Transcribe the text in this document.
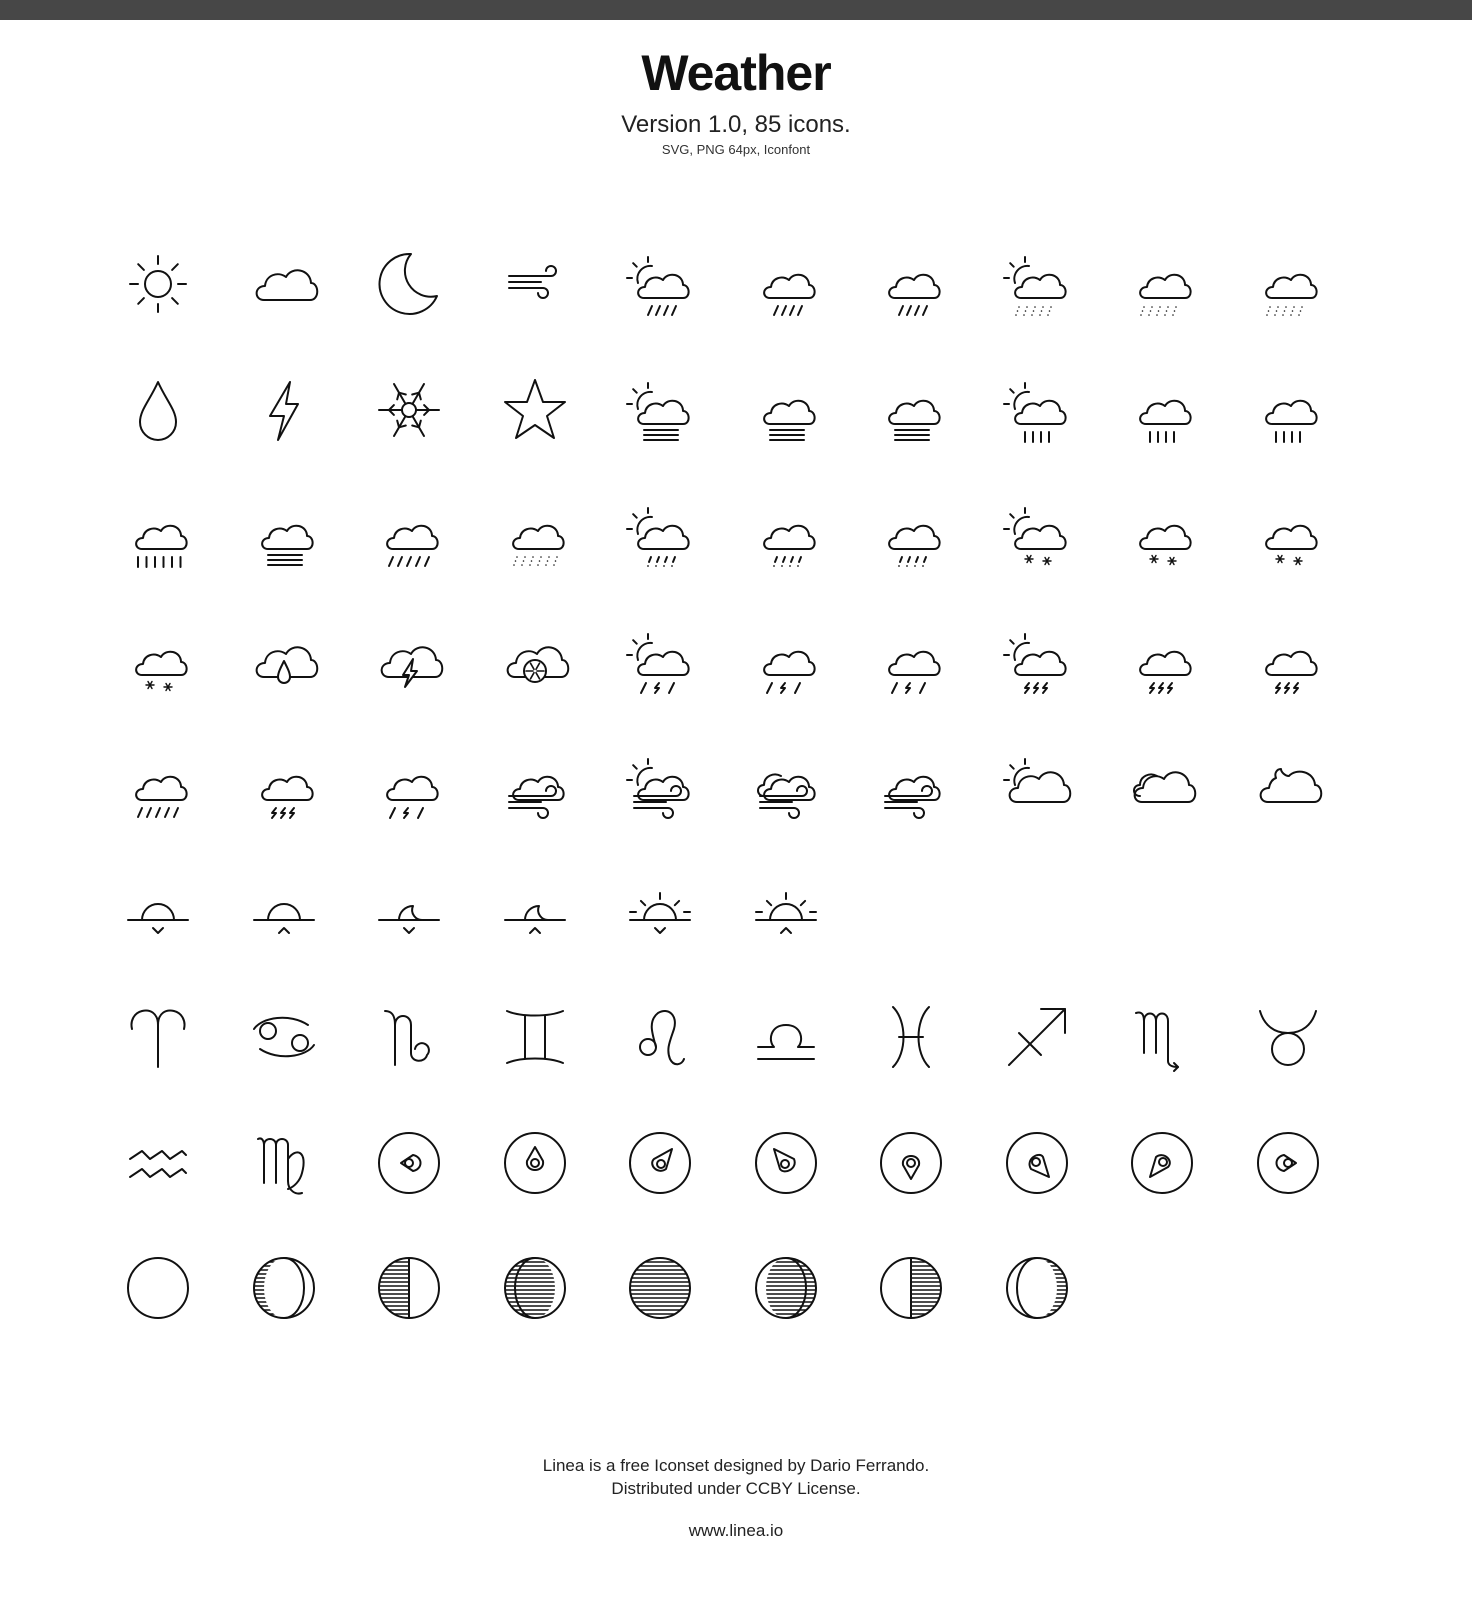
Weather
Version 1.0, 85 icons.
SVG, PNG 64px, Iconfont
Linea is a free Iconset designed by Dario Ferrando.
Distributed under CCBY License.
www.linea.io
